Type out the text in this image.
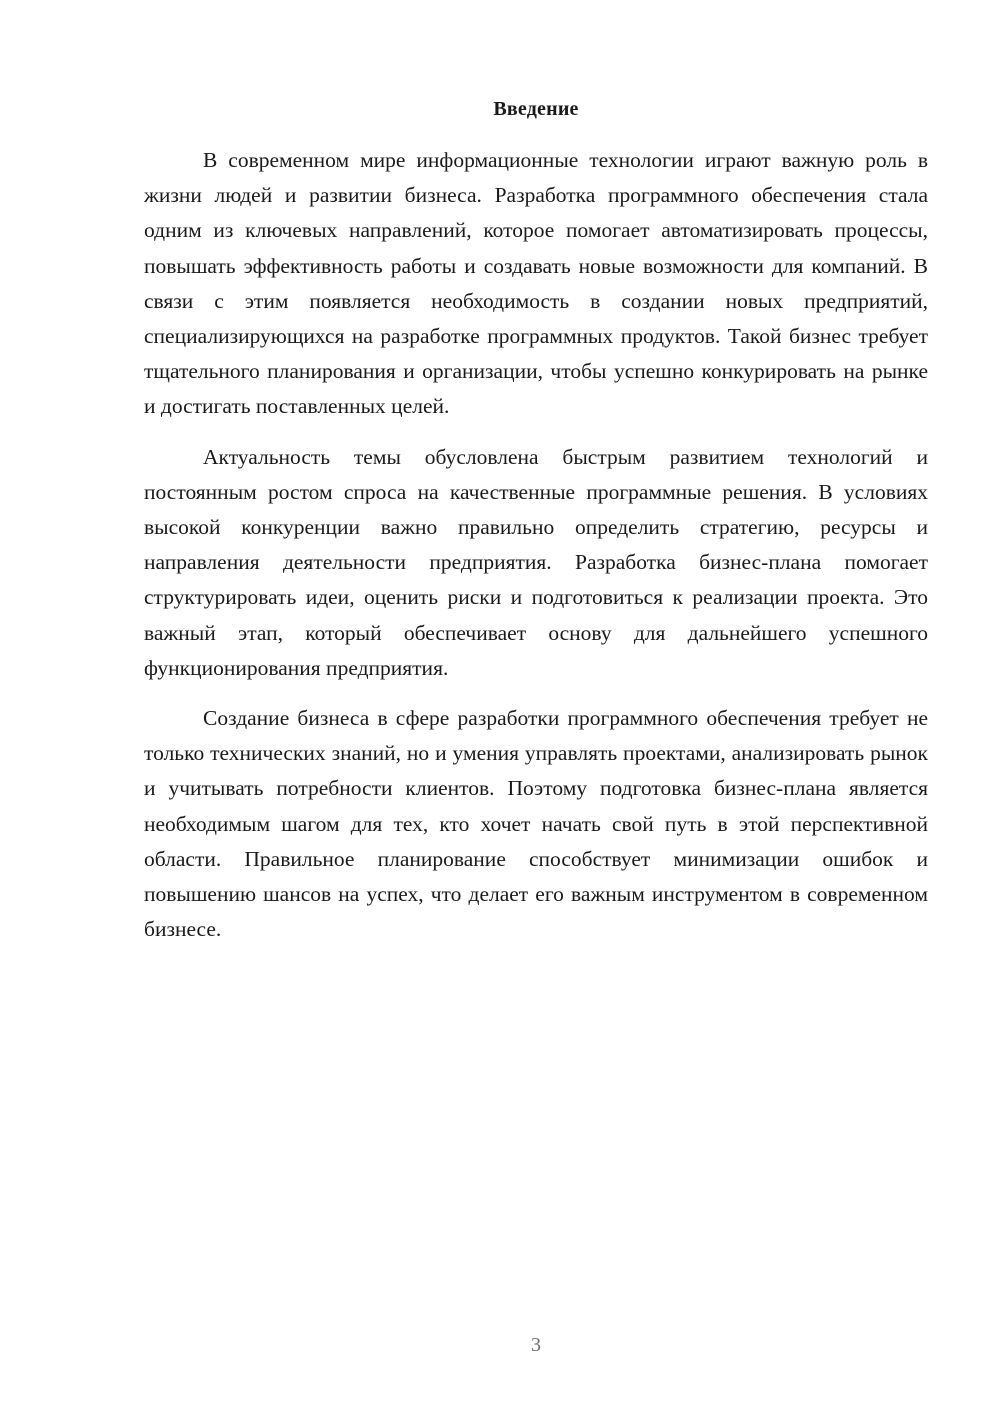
Введение

В современном мире информационные технологии играют важную роль в жизни людей и развитии бизнеса. Разработка программного обеспечения стала одним из ключевых направлений, которое помогает автоматизировать процессы, повышать эффективность работы и создавать новые возможности для компаний. В связи с этим появляется необходимость в создании новых предприятий, специализирующихся на разработке программных продуктов. Такой бизнес требует тщательного планирования и организации, чтобы успешно конкурировать на рынке и достигать поставленных целей.

Актуальность темы обусловлена быстрым развитием технологий и постоянным ростом спроса на качественные программные решения. В условиях высокой конкуренции важно правильно определить стратегию, ресурсы и направления деятельности предприятия. Разработка бизнес-плана помогает структурировать идеи, оценить риски и подготовиться к реализации проекта. Это важный этап, который обеспечивает основу для дальнейшего успешного функционирования предприятия.

Создание бизнеса в сфере разработки программного обеспечения требует не только технических знаний, но и умения управлять проектами, анализировать рынок и учитывать потребности клиентов. Поэтому подготовка бизнес-плана является необходимым шагом для тех, кто хочет начать свой путь в этой перспективной области. Правильное планирование способствует минимизации ошибок и повышению шансов на успех, что делает его важным инструментом в современном бизнесе.

3
